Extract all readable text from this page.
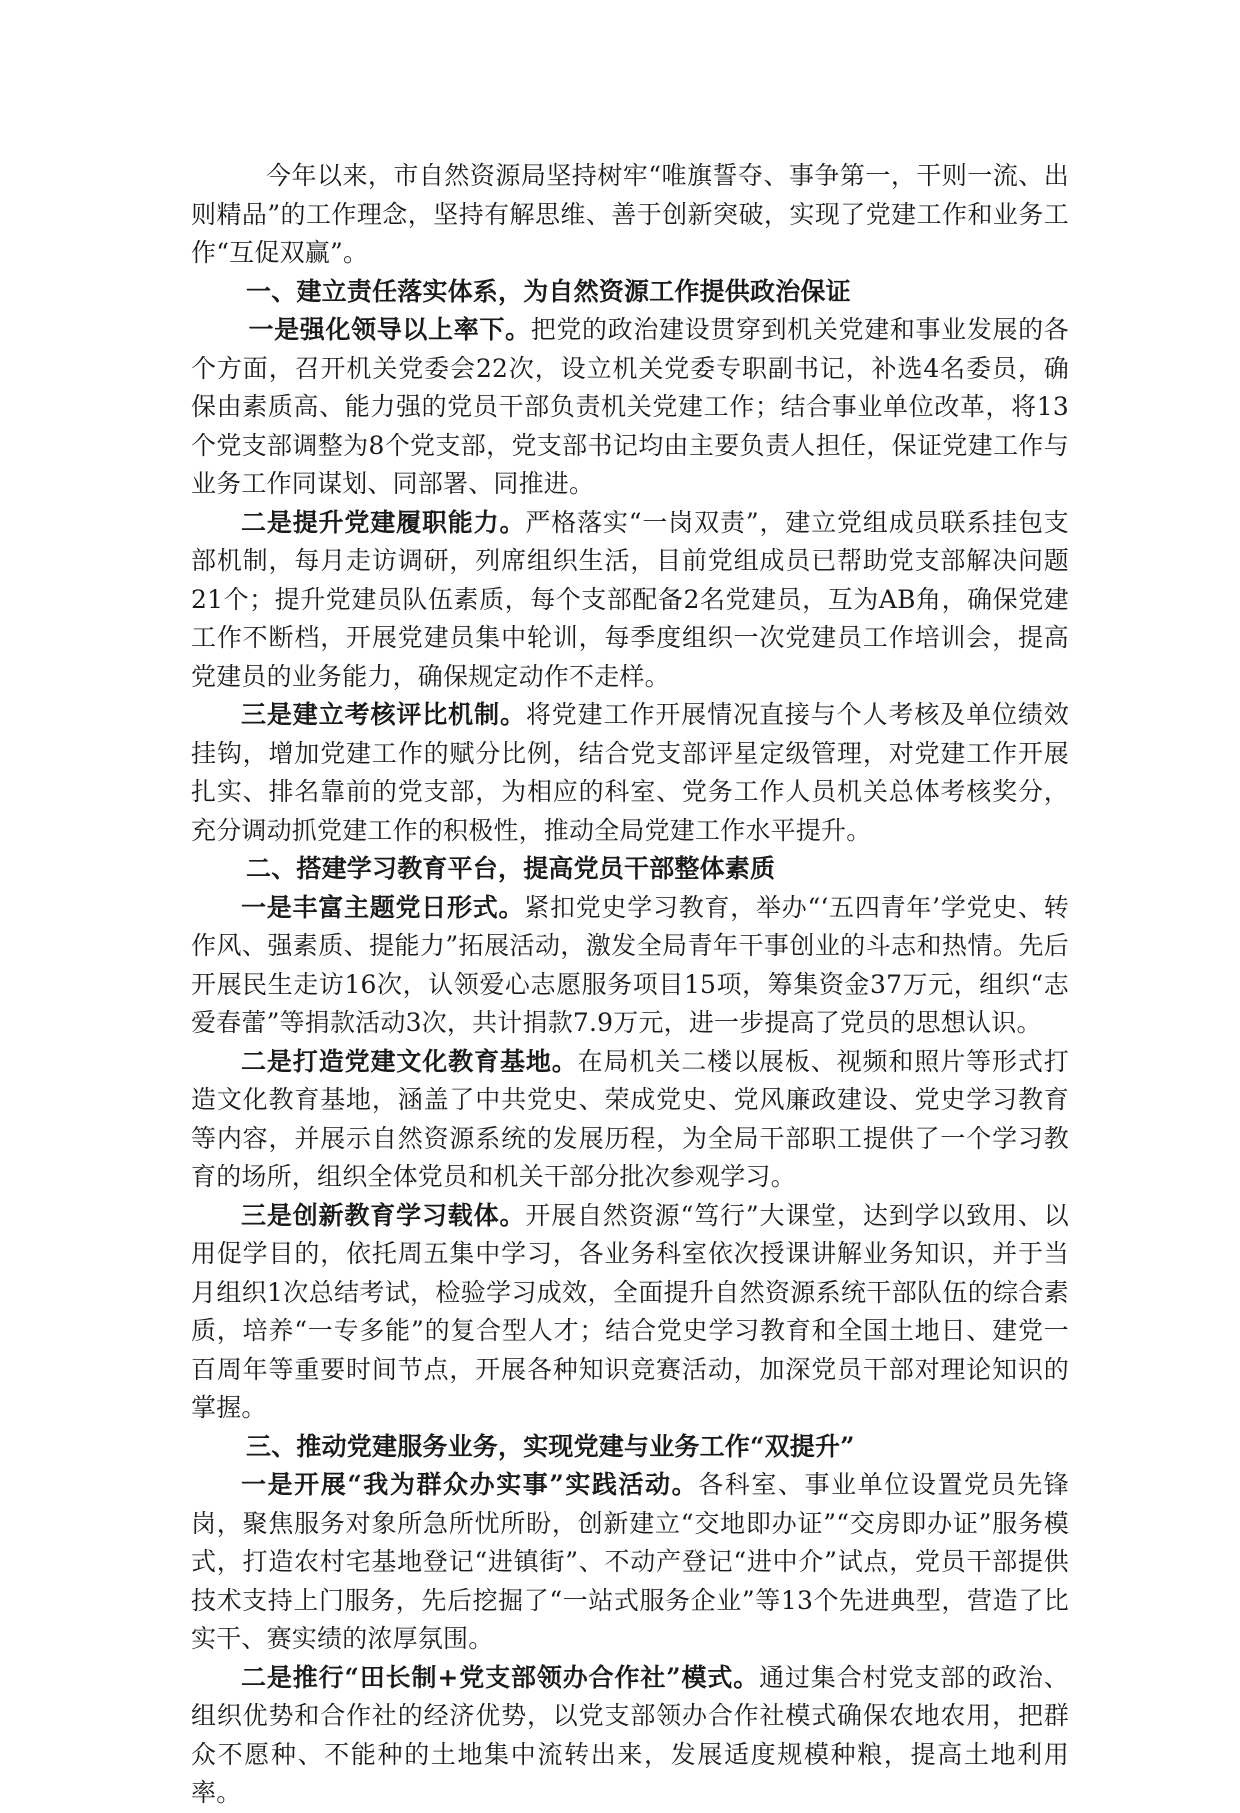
今年以来，市自然资源局坚持树牢“唯旗誓夺、事争第一，干则一流、出则精品”的工作理念，坚持有解思维、善于创新突破，实现了党建工作和业务工作“互促双赢”。

一、建立责任落实体系，为自然资源工作提供政治保证

一是强化领导以上率下。把党的政治建设贯穿到机关党建和事业发展的各个方面，召开机关党委会22次，设立机关党委专职副书记，补选4名委员，确保由素质高、能力强的党员干部负责机关党建工作；结合事业单位改革，将13个党支部调整为8个党支部，党支部书记均由主要负责人担任，保证党建工作与业务工作同谋划、同部署、同推进。

二是提升党建履职能力。严格落实“一岗双责”，建立党组成员联系挂包支部机制，每月走访调研，列席组织生活，目前党组成员已帮助党支部解决问题21个；提升党建员队伍素质，每个支部配备2名党建员，互为AB角，确保党建工作不断档，开展党建员集中轮训，每季度组织一次党建员工作培训会，提高党建员的业务能力，确保规定动作不走样。

三是建立考核评比机制。将党建工作开展情况直接与个人考核及单位绩效挂钩，增加党建工作的赋分比例，结合党支部评星定级管理，对党建工作开展扎实、排名靠前的党支部，为相应的科室、党务工作人员机关总体考核奖分，充分调动抓党建工作的积极性，推动全局党建工作水平提升。

二、搭建学习教育平台，提高党员干部整体素质

一是丰富主题党日形式。紧扣党史学习教育，举办“‘五四青年’学党史、转作风、强素质、提能力”拓展活动，激发全局青年干事创业的斗志和热情。先后开展民生走访16次，认领爱心志愿服务项目15项，筹集资金37万元，组织“志爱春蕾”等捐款活动3次，共计捐款7.9万元，进一步提高了党员的思想认识。

二是打造党建文化教育基地。在局机关二楼以展板、视频和照片等形式打造文化教育基地，涵盖了中共党史、荣成党史、党风廉政建设、党史学习教育等内容，并展示自然资源系统的发展历程，为全局干部职工提供了一个学习教育的场所，组织全体党员和机关干部分批次参观学习。

三是创新教育学习载体。开展自然资源“笃行”大课堂，达到学以致用、以用促学目的，依托周五集中学习，各业务科室依次授课讲解业务知识，并于当月组织1次总结考试，检验学习成效，全面提升自然资源系统干部队伍的综合素质，培养“一专多能”的复合型人才；结合党史学习教育和全国土地日、建党一百周年等重要时间节点，开展各种知识竞赛活动，加深党员干部对理论知识的掌握。

三、推动党建服务业务，实现党建与业务工作“双提升”

一是开展“我为群众办实事”实践活动。各科室、事业单位设置党员先锋岗，聚焦服务对象所急所忧所盼，创新建立“交地即办证”“交房即办证”服务模式，打造农村宅基地登记“进镇街”、不动产登记“进中介”试点，党员干部提供技术支持上门服务，先后挖掘了“一站式服务企业”等13个先进典型，营造了比实干、赛实绩的浓厚氛围。

二是推行“田长制+党支部领办合作社”模式。通过集合村党支部的政治、组织优势和合作社的经济优势，以党支部领办合作社模式确保农地农用，把群众不愿种、不能种的土地集中流转出来，发展适度规模种粮，提高土地利用率。
